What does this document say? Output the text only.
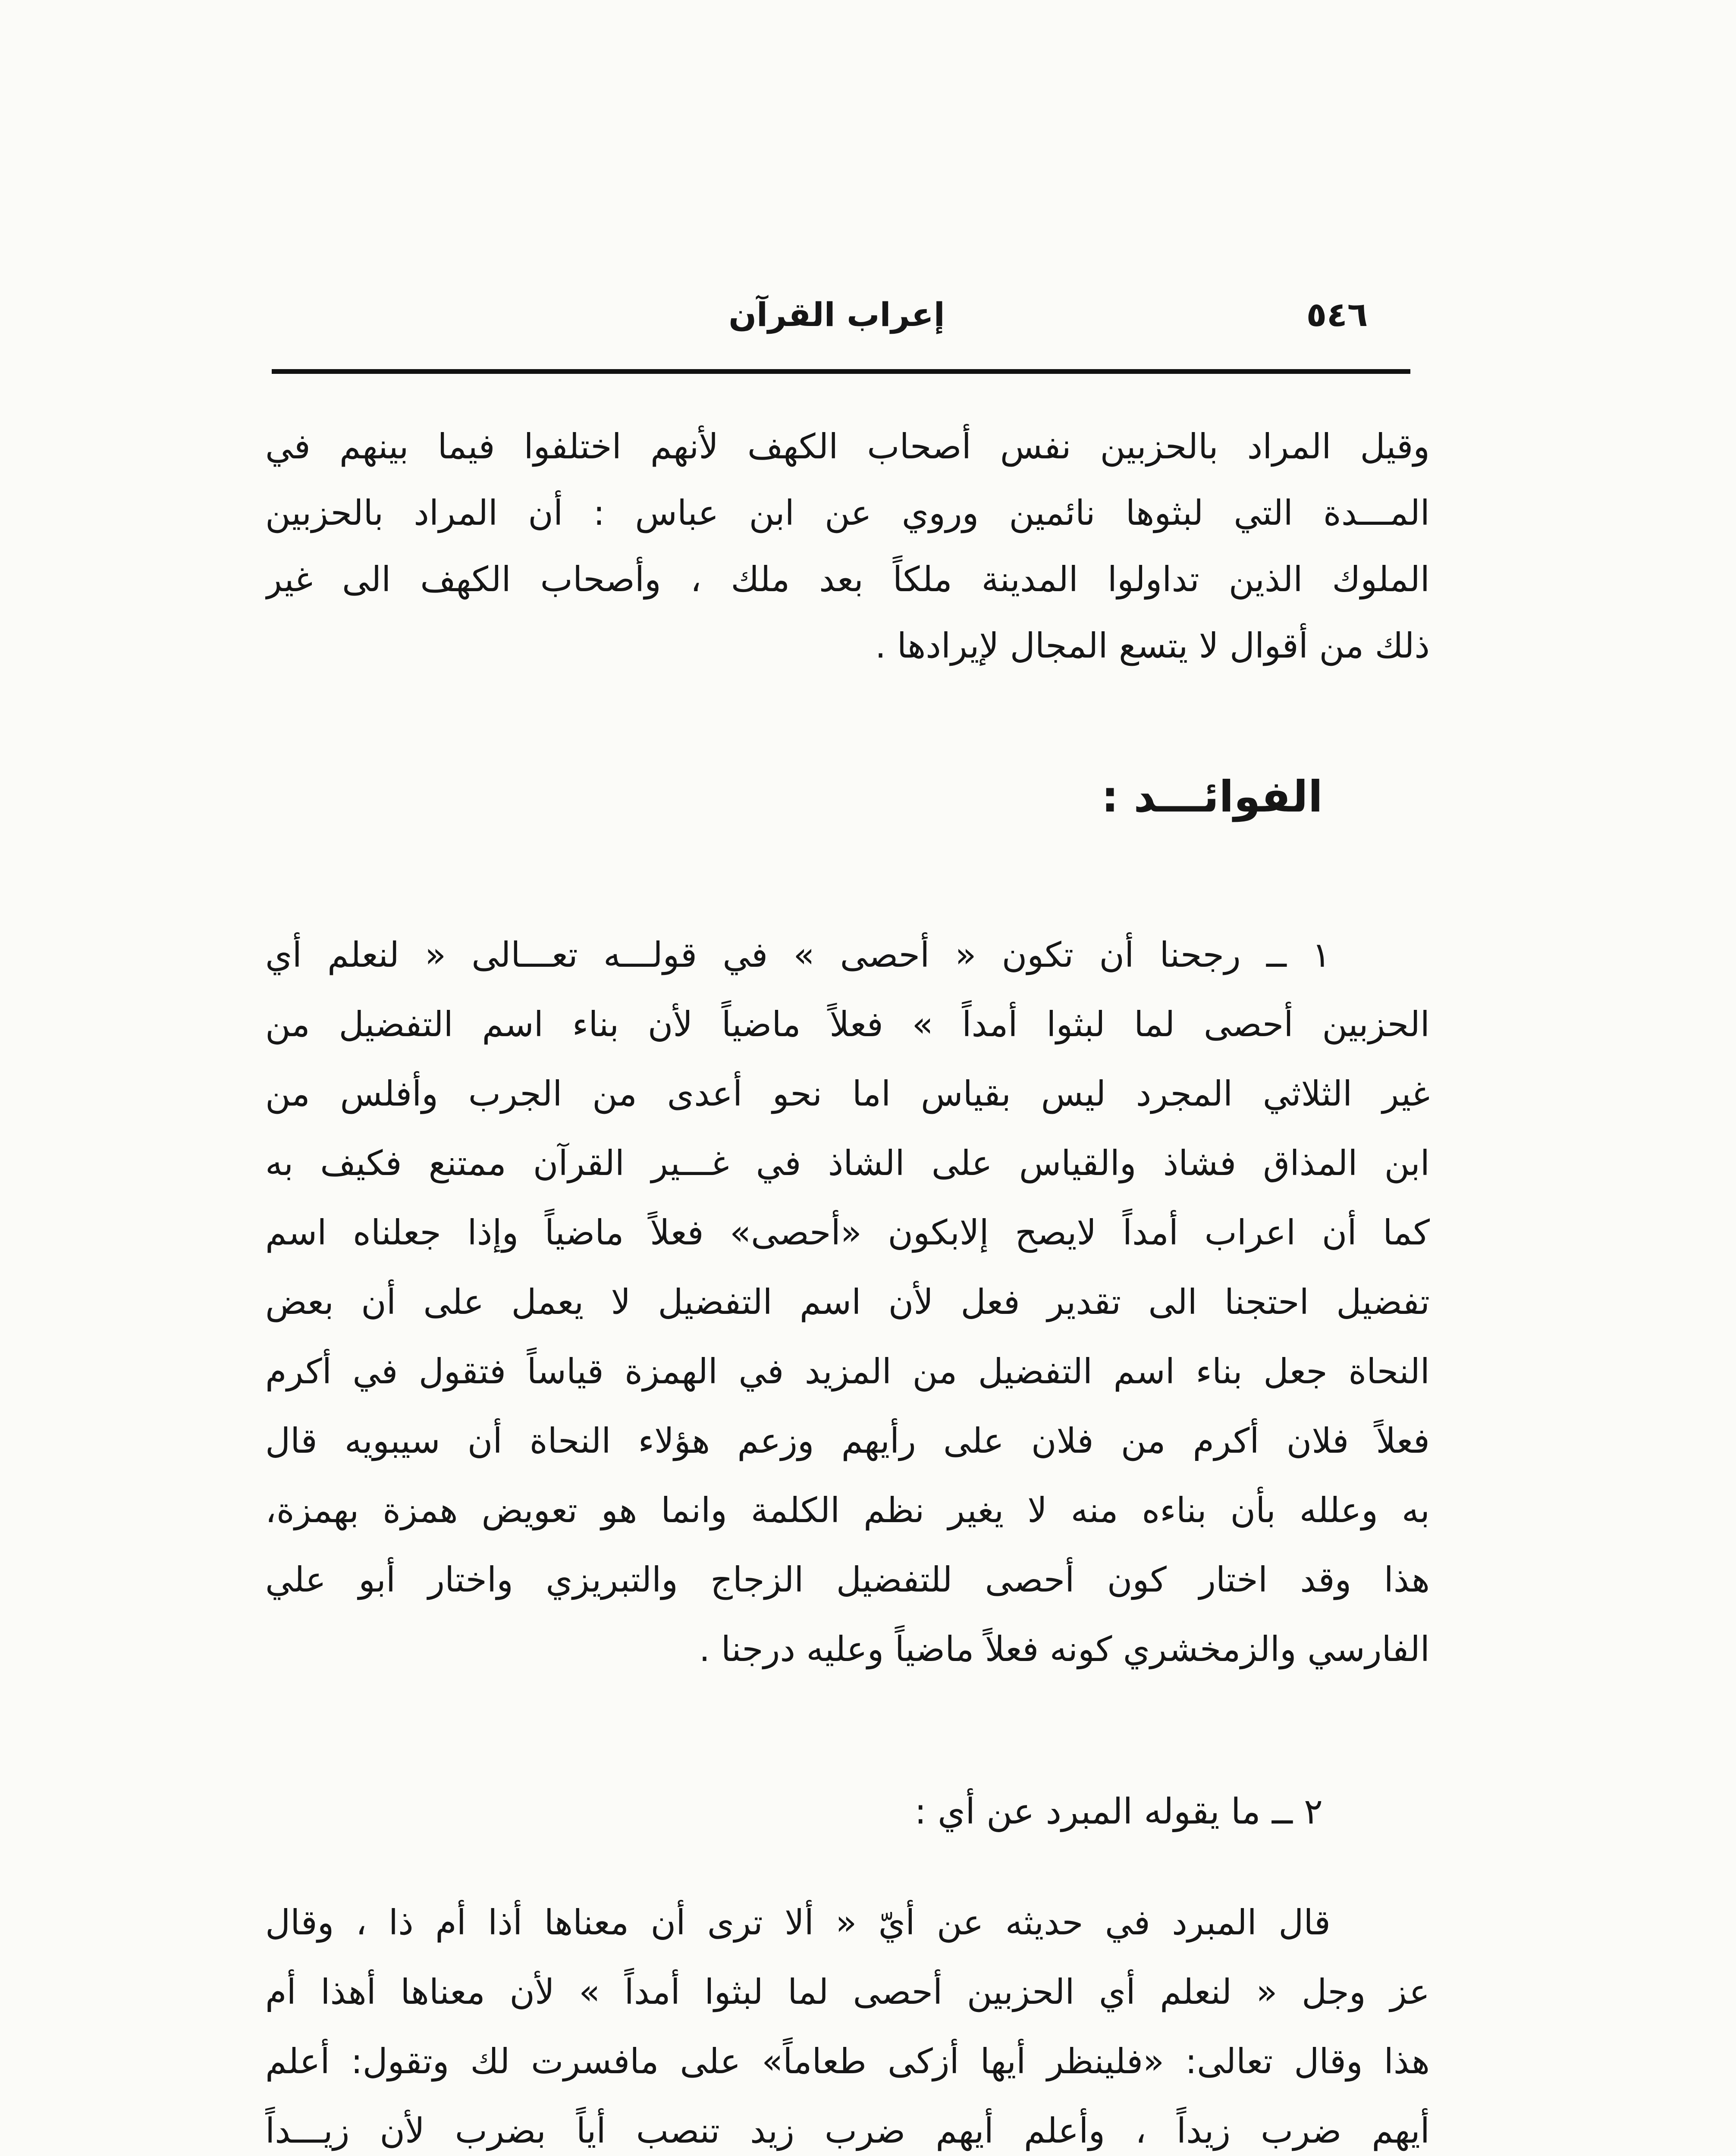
٥٤٦
إعراب القرآن
وقيل المراد بالحزبين نفس أصحاب الكهف لأنهم اختلفوا فيما بينهم في
المـــدة التي لبثوها نائمين وروي عن ابن عباس : أن المراد بالحزبين
الملوك الذين تداولوا المدينة ملكاً بعد ملك ، وأصحاب الكهف الى غير
ذلك من أقوال لا يتسع المجال لإيرادها .
الفوائـــد :
١ ــ رجحنا أن تكون « أحصى » في قولـــه تعـــالى « لنعلم أي
الحزبين أحصى لما لبثوا أمداً » فعلاً ماضياً لأن بناء اسم التفضيل من
غير الثلاثي المجرد ليس بقياس اما نحو أعدى من الجرب وأفلس من
ابن المذاق فشاذ والقياس على الشاذ في غـــير القرآن ممتنع فكيف به
كما أن اعراب أمداً لايصح إلابكون «أحصى» فعلاً ماضياً وإذا جعلناه اسم
تفضيل احتجنا الى تقدير فعل لأن اسم التفضيل لا يعمل على أن بعض
النحاة جعل بناء اسم التفضيل من المزيد في الهمزة قياساً فتقول في أكرم
فعلاً فلان أكرم من فلان على رأيهم وزعم هؤلاء النحاة أن سيبويه قال
به وعلله بأن بناءه منه لا يغير نظم الكلمة وانما هو تعويض همزة بهمزة،
هذا وقد اختار كون أحصى للتفضيل الزجاج والتبريزي واختار أبو علي
الفارسي والزمخشري كونه فعلاً ماضياً وعليه درجنا .
٢ ــ ما يقوله المبرد عن أي :
قال المبرد في حديثه عن أيّ « ألا ترى أن معناها أذا أم ذا ، وقال
عز وجل « لنعلم أي الحزبين أحصى لما لبثوا أمداً » لأن معناها أهذا أم
هذا وقال تعالى: «فلينظر أيها أزكى طعاماً» على مافسرت لك وتقول: أعلم
أيهم ضرب زيداً ، وأعلم أيهم ضرب زيد تنصب أياً بضرب لأن زيـــداً
